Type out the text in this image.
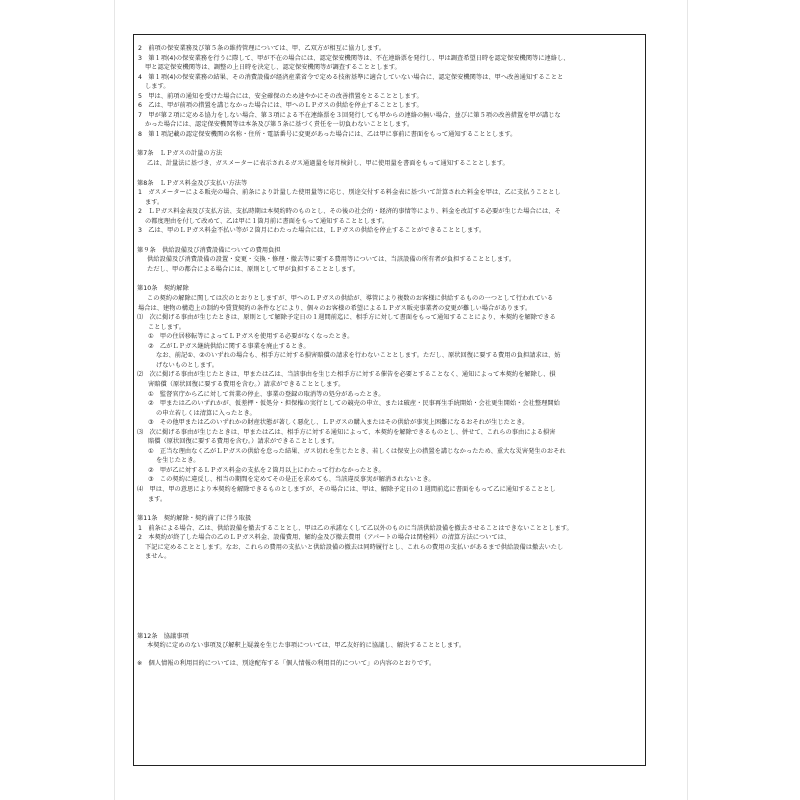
2　前項の保安業務及び第５条の維持管理については、甲、乙双方が相互に協力します。
3　第１項(4)の保安業務を行うに際して、甲が不在の場合には、認定保安機関等は、不在連絡票を発行し、甲は調査希望日時を認定保安機関等に連絡し、
甲と認定保安機関等は、調整の上日時を決定し、認定保安機関等が調査することとします。
4　第１項(4)の保安業務の結果、その消費設備が経済産業省令で定める技術基準に適合していない場合に、認定保安機関等は、甲へ改善通知することと
します。
5　甲は、前項の通知を受けた場合には、安全確保のため速やかにその改善措置をとることとします。
6　乙は、甲が前項の措置を講じなかった場合には、甲へのＬＰガスの供給を停止することとします。
7　甲が第２項に定める協力をしない場合、第３項による不在連絡票を３回発行しても甲からの連絡の無い場合、並びに第５項の改善措置を甲が講じな
かった場合には、認定保安機関等は本条及び第５条に基づく責任を一切負わないこととします。
8　第１項記載の認定保安機関の名称・住所・電話番号に変更があった場合には、乙は甲に事前に書面をもって通知することとします。
第7条　ＬＰガスの計量の方法
乙は、計量法に基づき、ガスメーターに表示されるガス通過量を毎月検針し、甲に使用量を書面をもって通知することとします。
第8条　ＬＰガス料金及び支払い方法等
1　ガスメーターによる販売の場合、前条により計量した使用量等に応じ、別途交付する料金表に基づいて計算された料金を甲は、乙に支払うこととし
ます。
2　ＬＰガス料金表及び支払方法、支払時期は本契約時のものとし、その後の社会的・経済的事情等により、料金を改訂する必要が生じた場合には、そ
の都度理由を付して改めて、乙は甲に１箇月前に書面をもって通知することとします。
3　乙は、甲のＬＰガス料金不払い等が２箇月にわたった場合には、ＬＰガスの供給を停止することができることとします。
第９条　供給設備及び消費設備についての費用負担
供給設備及び消費設備の設置・変更・交換・修理・撤去等に要する費用等については、当該設備の所有者が負担することとします。
ただし、甲の都合による場合には、原則として甲が負担することとします。
第10条　契約解除
この契約の解除に関しては次のとおりとしますが、甲へのＬＰガスの供給が、導管により複数のお客様に供給するものの一つとして行われている
場合は、建物の構造上の制約や賃貸契約の条件などにより、個々のお客様の希望によるＬＰガス販売事業者の変更が難しい場合があります。
⑴　次に掲げる事由が生じたときは、原則として解除予定日の１週間前迄に、相手方に対して書面をもって通知することにより、本契約を解除できる
ことします。
①　甲の住居移転等によってＬＰガスを使用する必要がなくなったとき。
②　乙がＬＰガス継続供給に関する事業を廃止するとき。
なお、前記①、②のいずれの場合も、相手方に対する損害賠償の請求を行わないこととします。ただし、原状回復に要する費用の負担請求は、妨
げないものとします。
⑵　次に掲げる事由が生じたときは、甲または乙は、当該事由を生じた相手方に対する催告を必要とすることなく、通知によって本契約を解除し、損
害賠償（原状回復に要する費用を含む。）請求ができることとします。
①　監督官庁から乙に対して営業の停止、事業の登録の取消等の処分があったとき。
②　甲または乙のいずれかが、仮差押・仮処分・担保権の実行としての競売の申立、または破産・民事再生手続開始・会社更生開始・会社整理開始
の申立若しくは清算に入ったとき。
③　その他甲または乙のいずれかの財産状態が著しく悪化し、ＬＰガスの購入またはその供給が事実上困難になるおそれが生じたとき。
⑶　次に掲げる事由が生じたときは、甲または乙は、相手方に対する通知によって、本契約を解除できるものとし、併せて、これらの事由による損害
賠償（原状回復に要する費用を含む。）請求ができることとします。
①　正当な理由なく乙がＬＰガスの供給を怠った結果、ガス切れを生じたとき、若しくは保安上の措置を講じなかったため、重大な災害発生のおそれ
を生じたとき。
②　甲が乙に対するＬＰガス料金の支払を２箇月以上にわたって行わなかったとき。
③　この契約に違反し、相当の期間を定めてその是正を求めても、当該違反事実が解消されないとき。
⑷　甲は、甲の意思により本契約を解除できるものとしますが、その場合には、甲は、解除予定日の１週間前迄に書面をもって乙に通知することとし
ます。
第11条　契約解除・契約満了に伴う取扱
1　前条による場合、乙は、供給設備を撤去することとし、甲は乙の承諾なくして乙以外のものに当該供給設備を撤去させることはできないこととします。
2　本契約が終了した場合の乙のＬＰガス料金、設備費用、解約金及び撤去費用（アパートの場合は閉栓料）の清算方法については、
下記に定めることとします。なお、これらの費用の支払いと供給設備の撤去は同時履行とし、これらの費用の支払いがあるまで供給設備は撤去いたし
ません。
第12条　協議事項
本契約に定めのない事項及び解釈上疑義を生じた事項については、甲乙友好的に協議し、解決することとします。
※　個人情報の利用目的については、別途配布する「個人情報の利用目的について」の内容のとおりです。
